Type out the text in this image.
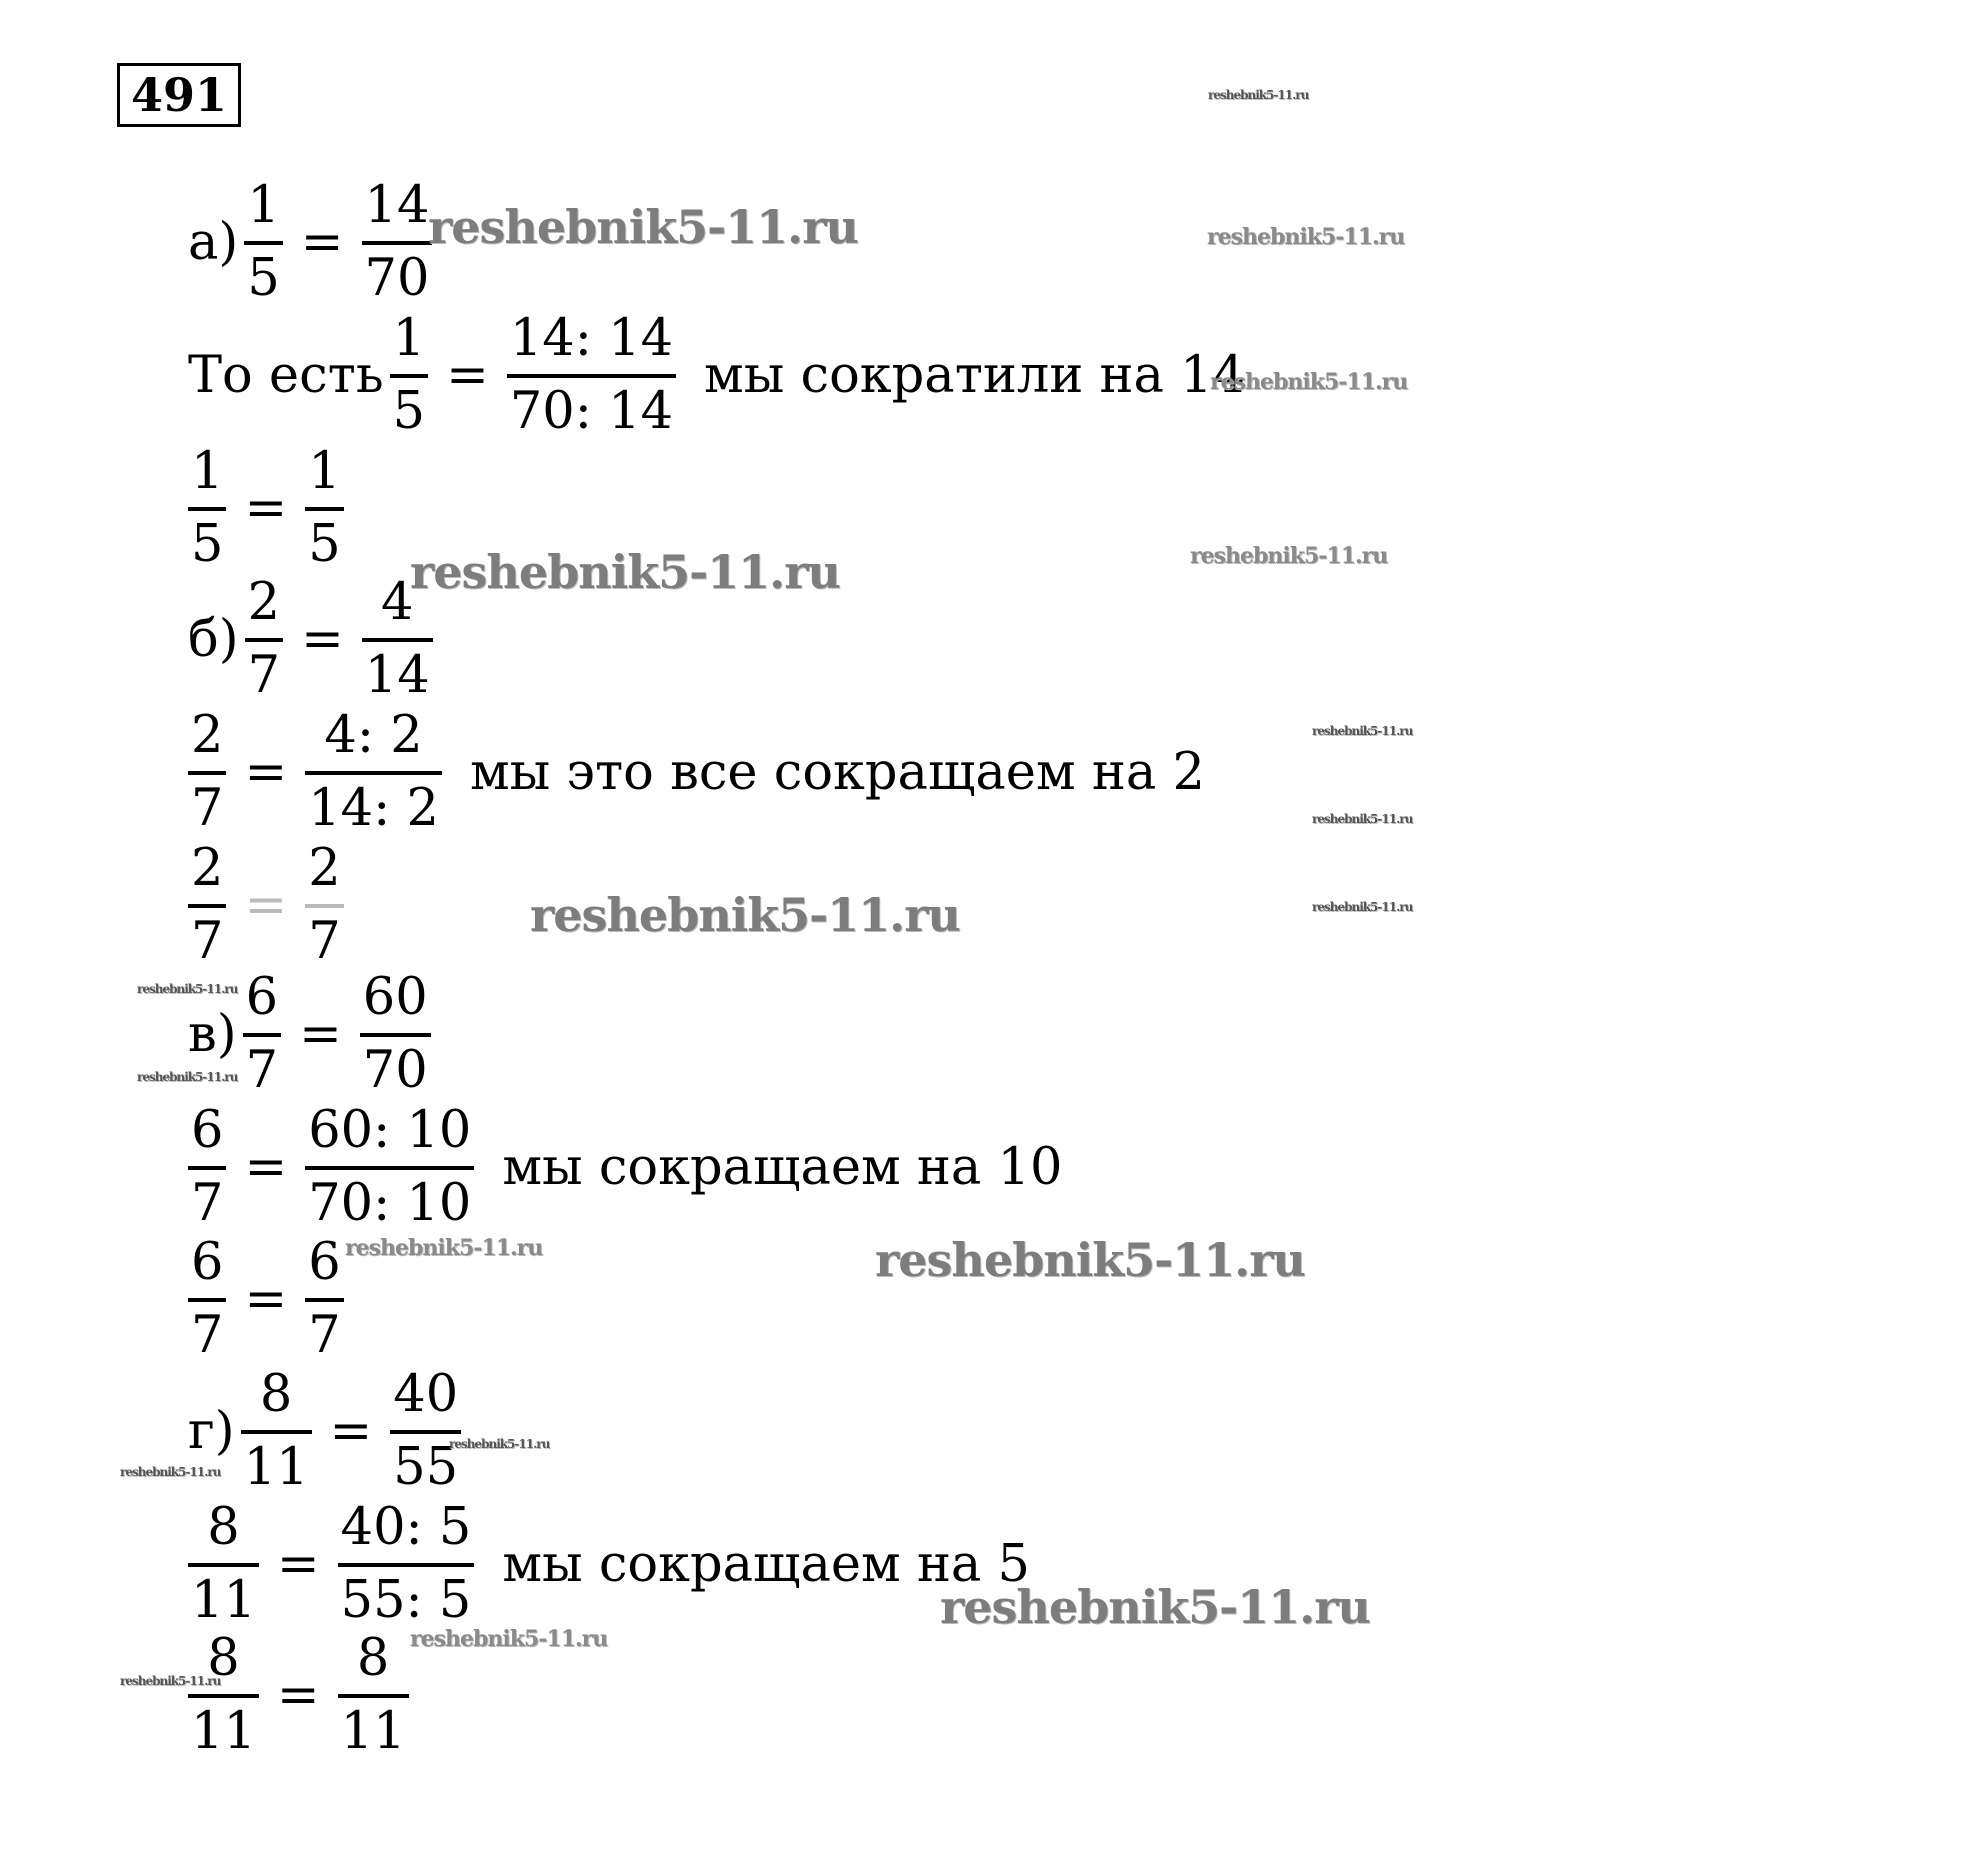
491
$а) \frac{1}{5} = \frac{14}{70}$
То есть $\frac{1}{5} = \frac{14: 14}{70: 14}$ мы сократили на 14
$\frac{1}{5} = \frac{1}{5}$
$б) \frac{2}{7} = \frac{4}{14}$
$\frac{2}{7} = \frac{4: 2}{14: 2}$ мы это все сокращаем на 2
$\frac{2}{7} = \frac{2}{7}$
$в) \frac{6}{7} = \frac{60}{70}$
$\frac{6}{7} = \frac{60: 10}{70: 10}$ мы сокращаем на 10
$\frac{6}{7} = \frac{6}{7}$
$г) \frac{8}{11} = \frac{40}{55}$
$\frac{8}{11} = \frac{40: 5}{55: 5}$ мы сокращаем на 5
$\frac{8}{11} = \frac{8}{11}$
reshebnik5-11.ru
reshebnik5-11.ru	reshebnik5-11.ru
reshebnik5-11.ru
reshebnik5-11.ru	reshebnik5-11.ru
reshebnik5-11.ru
reshebnik5-11.ru
reshebnik5-11.ru
reshebnik5-11.ru
reshebnik5-11.ru
reshebnik5-11.ru
reshebnik5-11.ru	reshebnik5-11.ru
reshebnik5-11.ru
reshebnik5-11.ru
reshebnik5-11.ru
reshebnik5-11.ru
reshebnik5-11.ru
